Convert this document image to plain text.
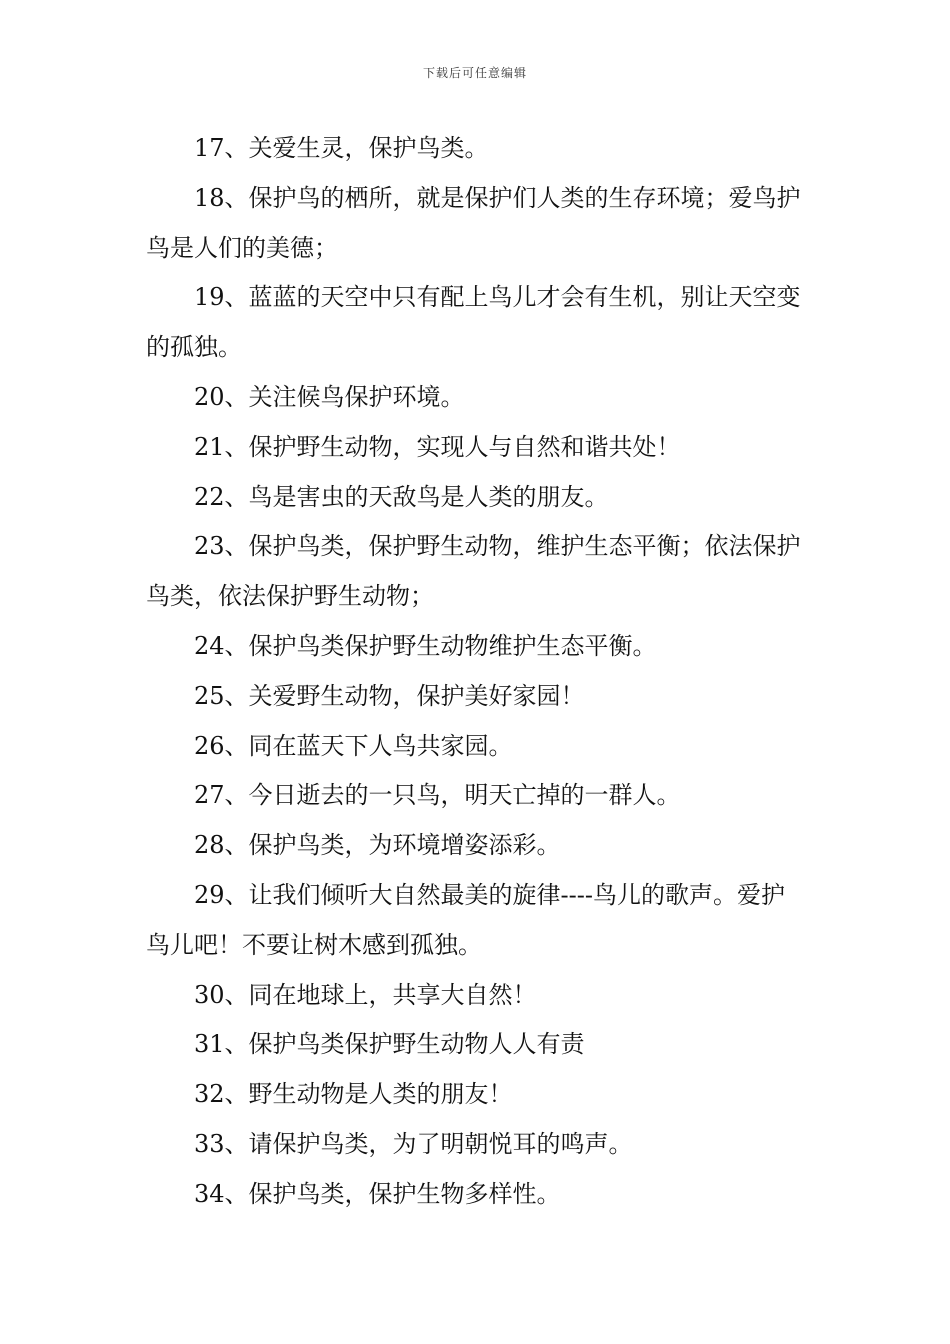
下载后可任意编辑

17、关爱生灵，保护鸟类。

18、保护鸟的栖所，就是保护们人类的生存环境；爱鸟护鸟是人们的美德；

19、蓝蓝的天空中只有配上鸟儿才会有生机，别让天空变的孤独。

20、关注候鸟保护环境。

21、保护野生动物，实现人与自然和谐共处！

22、鸟是害虫的天敌鸟是人类的朋友。

23、保护鸟类，保护野生动物，维护生态平衡；依法保护鸟类，依法保护野生动物；

24、保护鸟类保护野生动物维护生态平衡。

25、关爱野生动物，保护美好家园！

26、同在蓝天下人鸟共家园。

27、今日逝去的一只鸟，明天亡掉的一群人。

28、保护鸟类，为环境增姿添彩。

29、让我们倾听大自然最美的旋律----鸟儿的歌声。爱护鸟儿吧！不要让树木感到孤独。

30、同在地球上，共享大自然！

31、保护鸟类保护野生动物人人有责

32、野生动物是人类的朋友！

33、请保护鸟类，为了明朝悦耳的鸣声。

34、保护鸟类，保护生物多样性。
